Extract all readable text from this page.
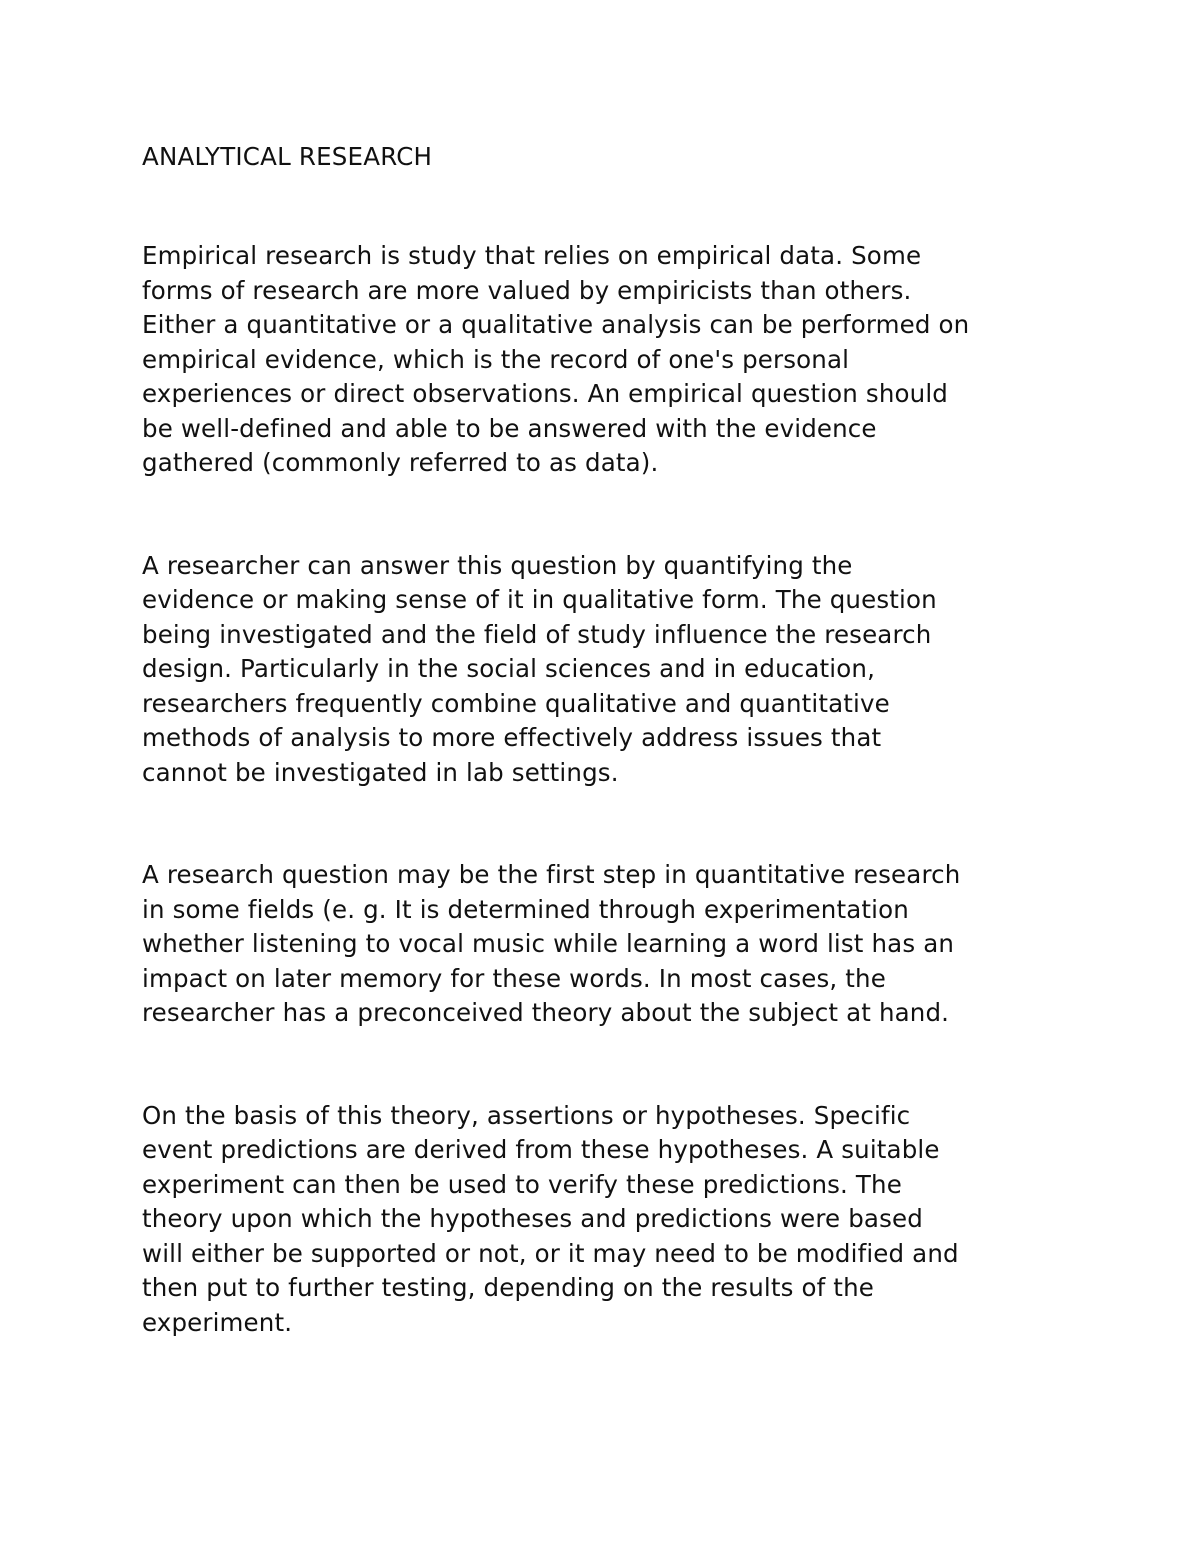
ANALYTICAL RESEARCH
Empirical research is study that relies on empirical data. Some
forms of research are more valued by empiricists than others.
Either a quantitative or a qualitative analysis can be performed on
empirical evidence, which is the record of one's personal
experiences or direct observations. An empirical question should
be well-defined and able to be answered with the evidence
gathered (commonly referred to as data).
A researcher can answer this question by quantifying the
evidence or making sense of it in qualitative form. The question
being investigated and the field of study influence the research
design. Particularly in the social sciences and in education,
researchers frequently combine qualitative and quantitative
methods of analysis to more effectively address issues that
cannot be investigated in lab settings.
A research question may be the first step in quantitative research
in some fields (e. g. It is determined through experimentation
whether listening to vocal music while learning a word list has an
impact on later memory for these words. In most cases, the
researcher has a preconceived theory about the subject at hand.
On the basis of this theory, assertions or hypotheses. Specific
event predictions are derived from these hypotheses. A suitable
experiment can then be used to verify these predictions. The
theory upon which the hypotheses and predictions were based
will either be supported or not, or it may need to be modified and
then put to further testing, depending on the results of the
experiment.
